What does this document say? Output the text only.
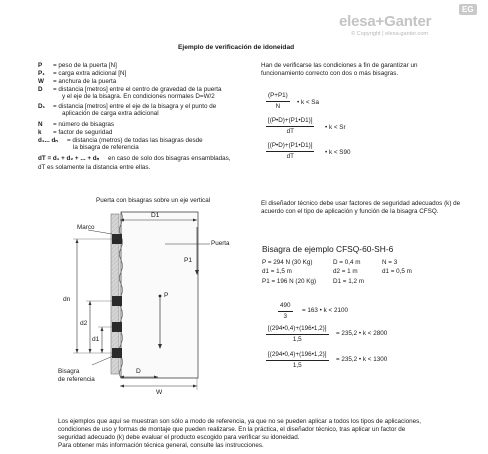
elesa+Ganter
EG
© Copyright | elesa-ganter.com
Ejemplo de verificación de idoneidad
P = peso de la puerta [N]
P₁ = carga extra adicional [N]
W = anchura de la puerta
D = distancia [metros] entre el centro de gravedad de la puerta
y el eje de la bisagra. En condiciones normales D=W/2
D₁ = distancia [metros] entre el eje de la bisagra y el punto de
aplicación de carga extra adicional
N = número de bisagras
k = factor de seguridad
d₁... dₙ = distancia (metros) de todas las bisagras desde
la bisagra de referencia
dT = d₁ + d₂ + ... + dₙ en caso de solo dos bisagras ensambladas,
dT es solamente la distancia entre ellas.
Han de verificarse las condiciones a fin de garantizar un funcionamiento correcto con dos o más bisagras.
$\frac{(P+P1)}{N}$ • k < Sa
$\frac{[(P•D)+(P1•D1)]}{dT}$ • k < Sr
$\frac{[(P•D)+(P1•D1)]}{dT}$ • k < S90
Puerta con bisagras sobre un eje vertical
Marco
D1
P1
Puerta
P
dn
d2
d1
Bisagra
de referencia
D
W
El diseñador técnico debe usar factores de seguridad adecuados (k) de acuerdo con el tipo de aplicación y función de la bisagra CFSQ.
Bisagra de ejemplo CFSQ-60-SH-6
P = 294 N (30 Kg)	D = 0,4 m	N = 3
d1 = 1,5 m	d2 = 1 m	d1 = 0,5 m
P1 = 196 N (20 Kg)	D1 = 1,2 m
$\frac{490}{3} = 163$ • k < 2100
$\frac{[(294•0,4)+(196•1,2)]}{1,5} = 235,2$ • k < 2800
$\frac{[(294•0,4)+(196•1,2)]}{1,5} = 235,2$ • k < 1300
Los ejemplos que aquí se muestran son sólo a modo de referencia, ya que no se pueden aplicar a todos los tipos de aplicaciones,
condiciones de uso y formas de montaje que pueden realizarse. En la práctica, el diseñador técnico, tras aplicar un factor de
seguridad adecuado (k) debe evaluar el producto escogido para verificar su idoneidad.
Para obtener más información técnica general, consulte las instrucciones.
